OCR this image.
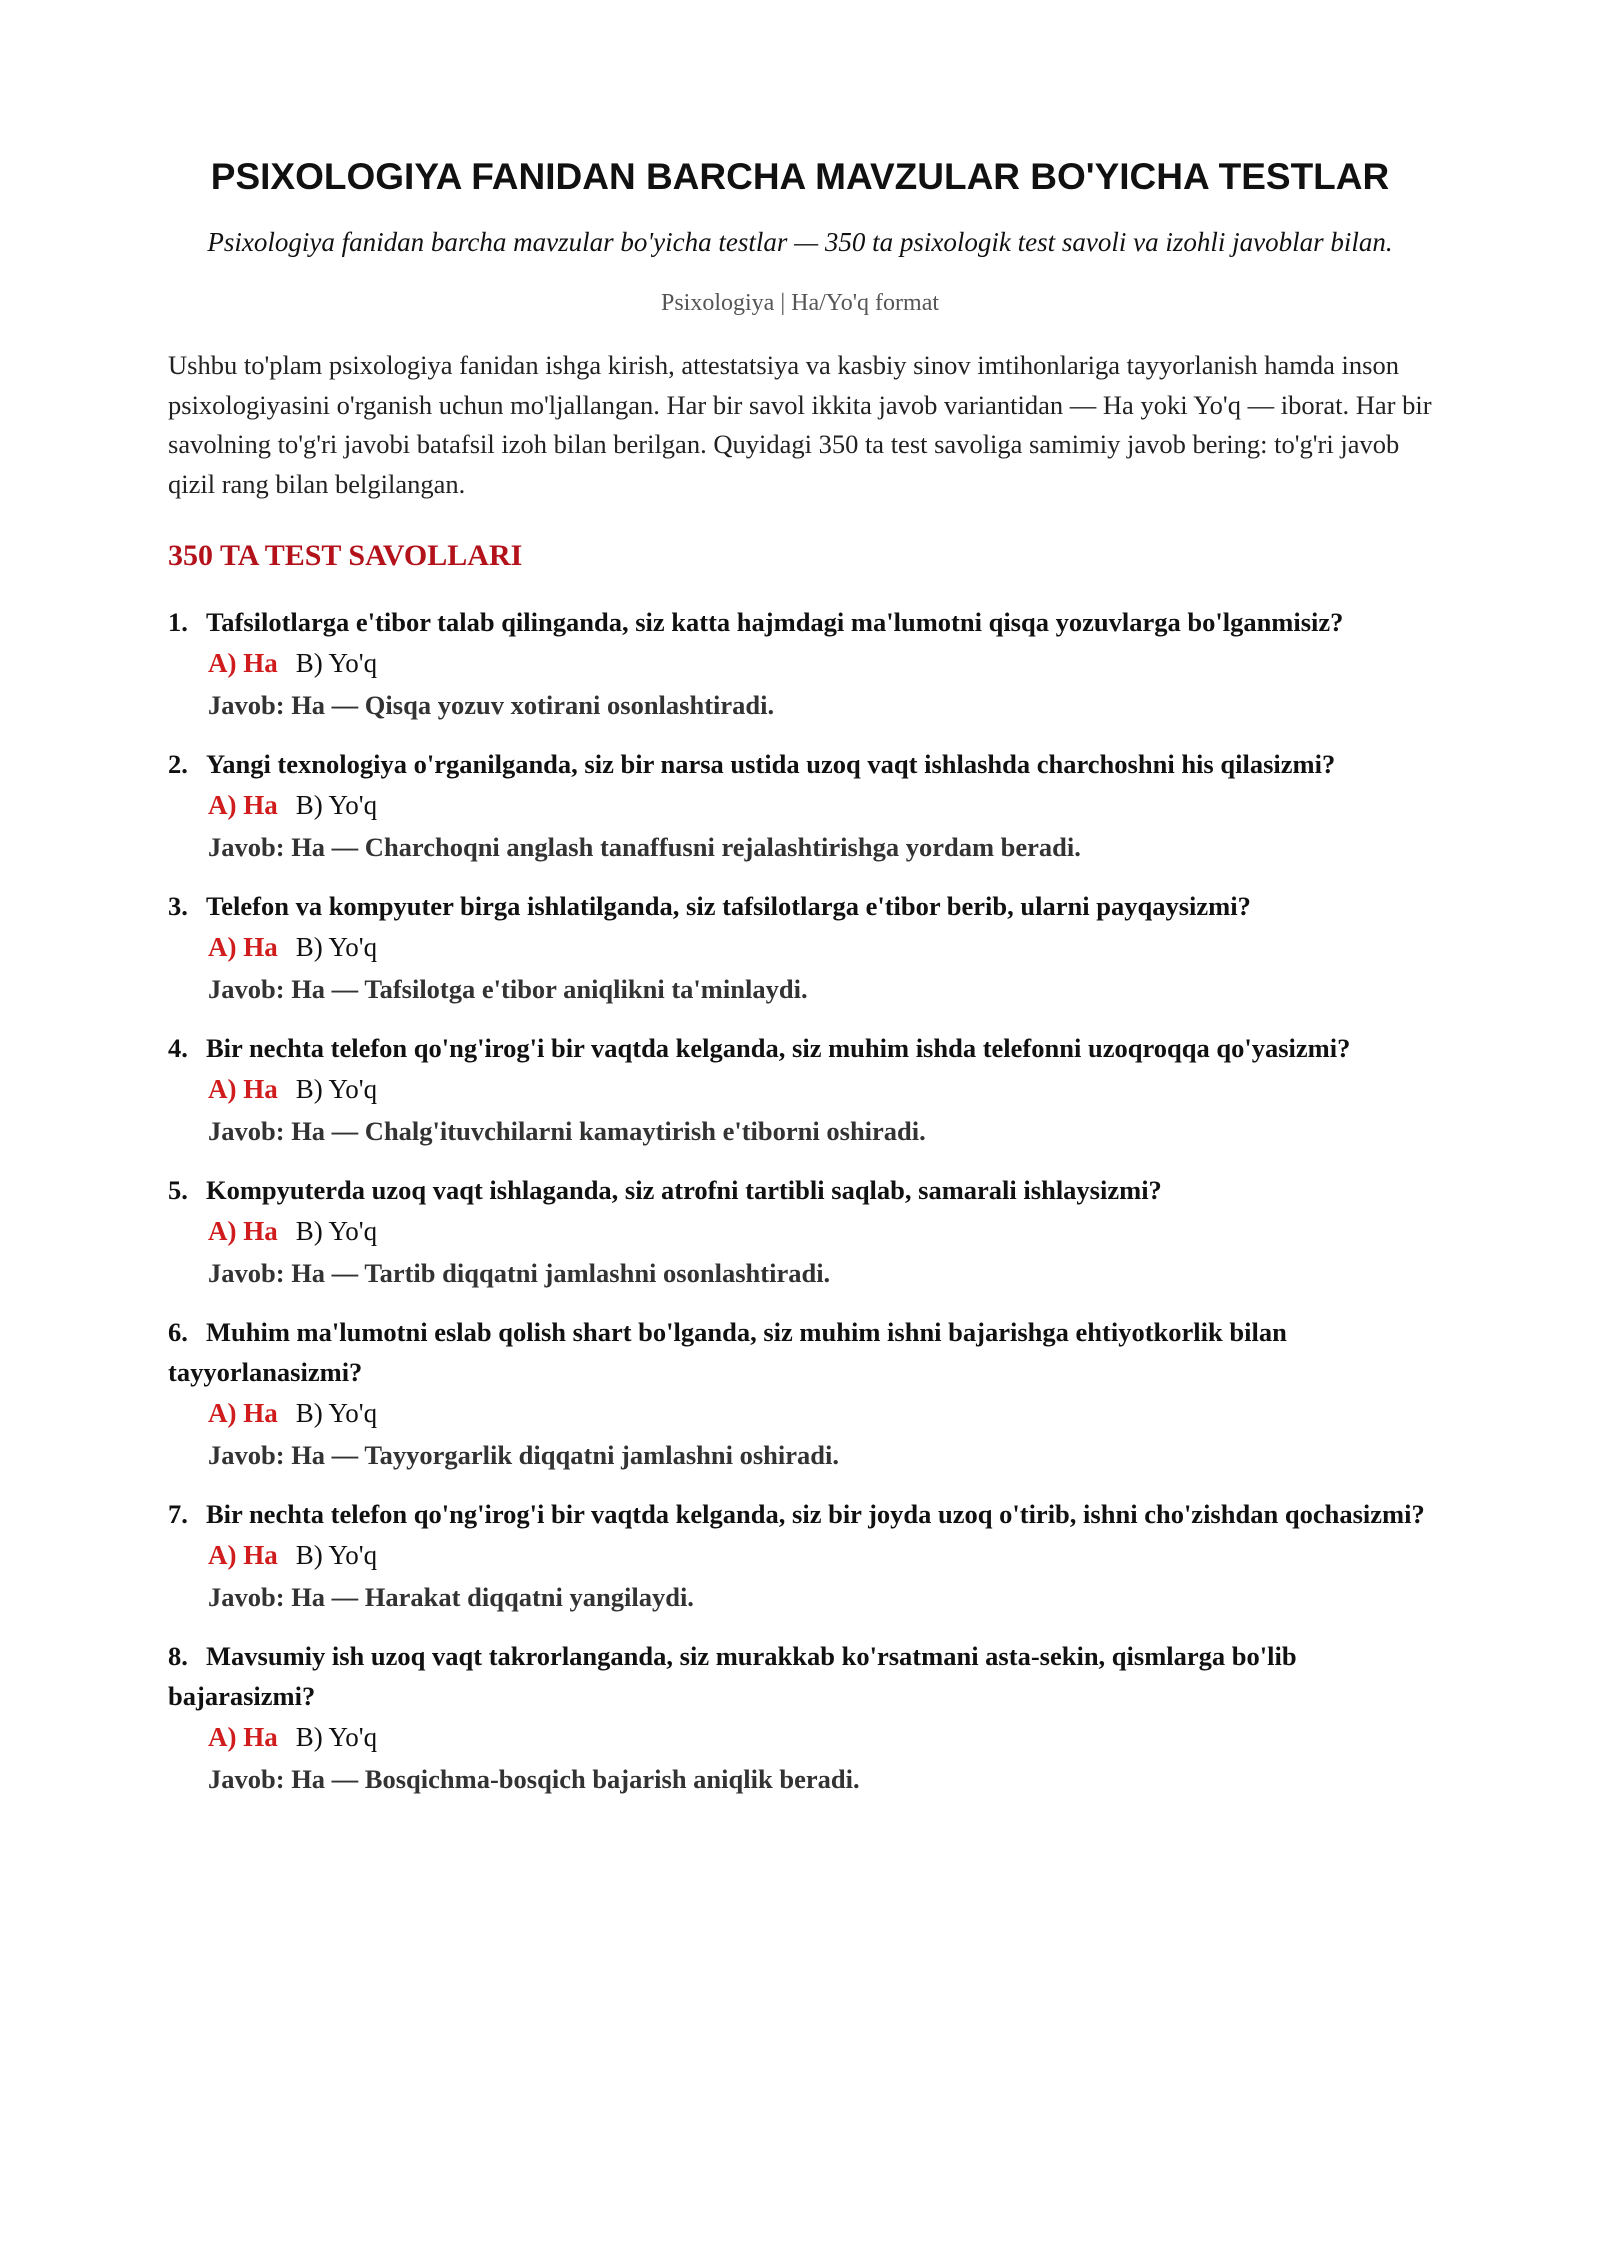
PSIXOLOGIYA FANIDAN BARCHA MAVZULAR BO'YICHA TESTLAR
Psixologiya fanidan barcha mavzular bo'yicha testlar — 350 ta psixologik test savoli va izohli javoblar bilan.
Psixologiya | Ha/Yo'q format
Ushbu to'plam psixologiya fanidan ishga kirish, attestatsiya va kasbiy sinov imtihonlariga tayyorlanish hamda inson psixologiyasini o'rganish uchun mo'ljallangan. Har bir savol ikkita javob variantidan — Ha yoki Yo'q — iborat. Har bir savolning to'g'ri javobi batafsil izoh bilan berilgan. Quyidagi 350 ta test savoliga samimiy javob bering: to'g'ri javob qizil rang bilan belgilangan.
350 TA TEST SAVOLLARI
1. Tafsilotlarga e'tibor talab qilinganda, siz katta hajmdagi ma'lumotni qisqa yozuvlarga bo'lganmisiz?
A) Ha B) Yo'q
Javob: Ha — Qisqa yozuv xotirani osonlashtiradi.
2. Yangi texnologiya o'rganilganda, siz bir narsa ustida uzoq vaqt ishlashda charchoshni his qilasizmi?
A) Ha B) Yo'q
Javob: Ha — Charchoqni anglash tanaffusni rejalashtirishga yordam beradi.
3. Telefon va kompyuter birga ishlatilganda, siz tafsilotlarga e'tibor berib, ularni payqaysizmi?
A) Ha B) Yo'q
Javob: Ha — Tafsilotga e'tibor aniqlikni ta'minlaydi.
4. Bir nechta telefon qo'ng'irog'i bir vaqtda kelganda, siz muhim ishda telefonni uzoqroqqa qo'yasizmi?
A) Ha B) Yo'q
Javob: Ha — Chalg'ituvchilarni kamaytirish e'tiborni oshiradi.
5. Kompyuterda uzoq vaqt ishlaganda, siz atrofni tartibli saqlab, samarali ishlaysizmi?
A) Ha B) Yo'q
Javob: Ha — Tartib diqqatni jamlashni osonlashtiradi.
6. Muhim ma'lumotni eslab qolish shart bo'lganda, siz muhim ishni bajarishga ehtiyotkorlik bilan tayyorlanasizmi?
A) Ha B) Yo'q
Javob: Ha — Tayyorgarlik diqqatni jamlashni oshiradi.
7. Bir nechta telefon qo'ng'irog'i bir vaqtda kelganda, siz bir joyda uzoq o'tirib, ishni cho'zishdan qochasizmi?
A) Ha B) Yo'q
Javob: Ha — Harakat diqqatni yangilaydi.
8. Mavsumiy ish uzoq vaqt takrorlanganda, siz murakkab ko'rsatmani asta-sekin, qismlarga bo'lib bajarasizmi?
A) Ha B) Yo'q
Javob: Ha — Bosqichma-bosqich bajarish aniqlik beradi.
